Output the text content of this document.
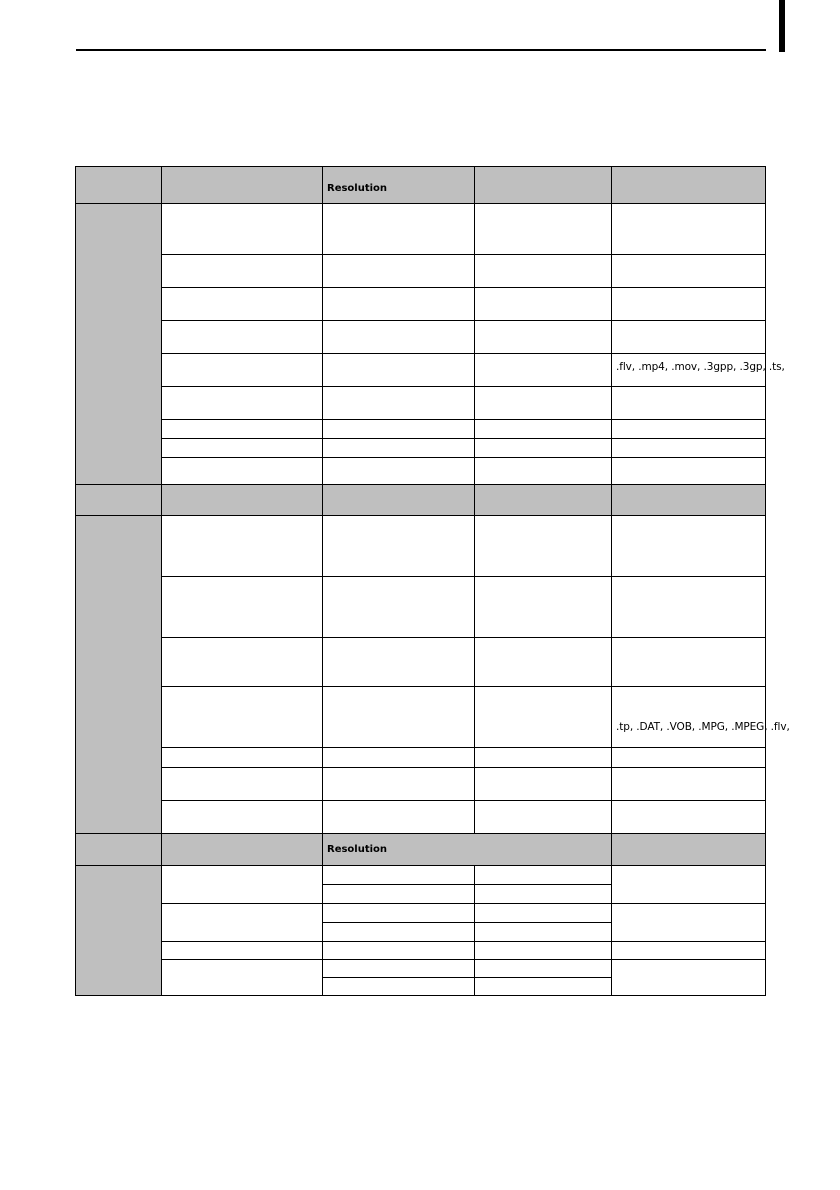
		Resolution		

				.flv, .mp4, .mov, .3gpp, .3gp, .ts,

				.tp, .DAT, .VOB, .MPG, .MPEG, .flv,

		Resolution		
